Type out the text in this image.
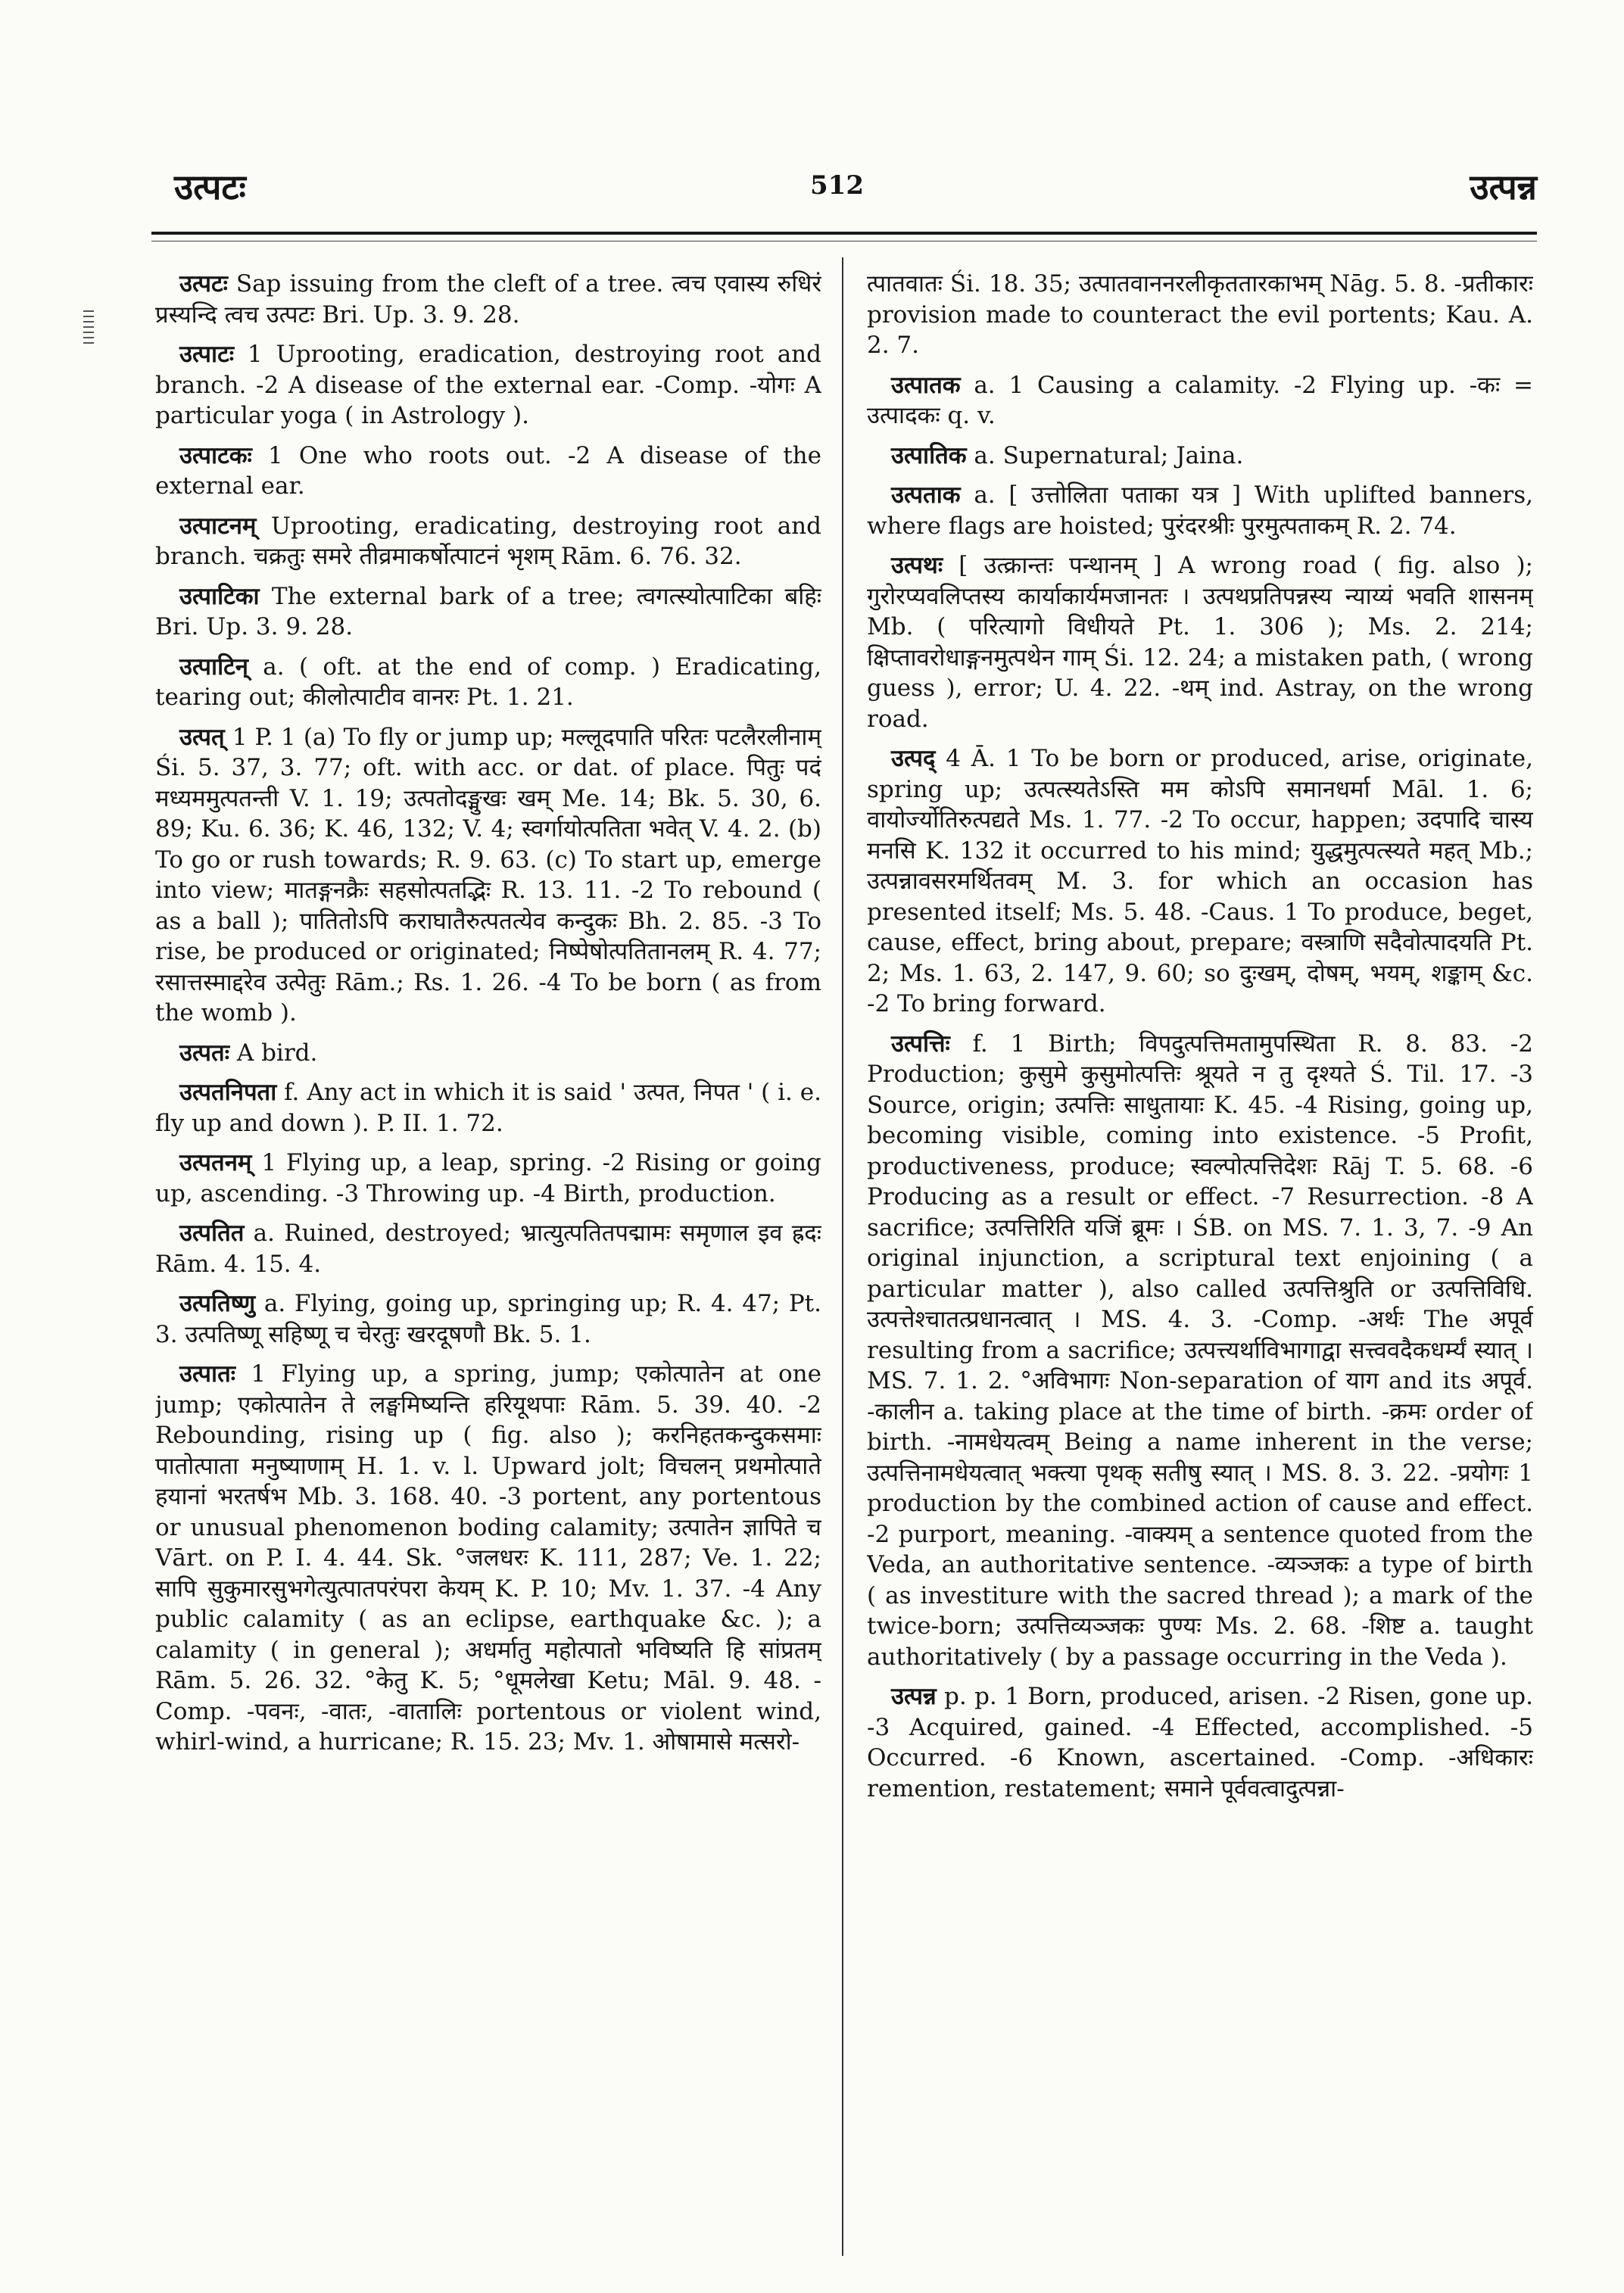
उत्पटः	512	उत्पन्न

उत्पटः Sap issuing from the cleft of a tree. त्वच एवास्य रुधिरं प्रस्यन्दि त्वच उत्पटः Bri. Up. 3. 9. 28.

उत्पाटः 1 Uprooting, eradication, destroying root and branch. -2 A disease of the external ear. -Comp. -योगः A particular yoga ( in Astrology ).

उत्पाटकः 1 One who roots out. -2 A disease of the external ear.

उत्पाटनम् Uprooting, eradicating, destroying root and branch. चक्रतुः समरे तीव्रमाकर्षोत्पाटनं भृशम् Rām. 6. 76. 32.

उत्पाटिका The external bark of a tree; त्वगत्स्योत्पाटिका बहिः Bri. Up. 3. 9. 28.

उत्पाटिन् a. ( oft. at the end of comp. ) Eradicating, tearing out; कीलोत्पाटीव वानरः Pt. 1. 21.

उत्पत् 1 P. 1 (a) To fly or jump up; मल्लूदपाति परितः पटलैरलीनाम् Śi. 5. 37, 3. 77; oft. with acc. or dat. of place. पितुः पदं मध्यममुत्पतन्ती V. 1. 19; उत्पतोदङ्मुखः खम् Me. 14; Bk. 5. 30, 6. 89; Ku. 6. 36; K. 46, 132; V. 4; स्वर्गायोत्पतिता भवेत् V. 4. 2. (b) To go or rush towards; R. 9. 63. (c) To start up, emerge into view; मातङ्गनक्रैः सहसोत्पतद्भिः R. 13. 11. -2 To rebound ( as a ball ); पातितोऽपि कराघातैरुत्पतत्येव कन्दुकः Bh. 2. 85. -3 To rise, be produced or originated; निष्पेषोत्पतितानलम् R. 4. 77; रसात्तस्माद्दरेव उत्पेतुः Rām.; Rs. 1. 26. -4 To be born ( as from the womb ).

उत्पतः A bird.

उत्पतनिपता f. Any act in which it is said ' उत्पत, निपत ' ( i. e. fly up and down ). P. II. 1. 72.

उत्पतनम् 1 Flying up, a leap, spring. -2 Rising or going up, ascending. -3 Throwing up. -4 Birth, production.

उत्पतित a. Ruined, destroyed; भ्रात्युत्पतितपद्मामः समृणाल इव ह्रदः Rām. 4. 15. 4.

उत्पतिष्णु a. Flying, going up, springing up; R. 4. 47; Pt. 3. उत्पतिष्णू सहिष्णू च चेरतुः खरदूषणौ Bk. 5. 1.

उत्पातः 1 Flying up, a spring, jump; एकोत्पातेन at one jump; एकोत्पातेन ते लङ्घमिष्यन्ति हरियूथपाः Rām. 5. 39. 40. -2 Rebounding, rising up ( fig. also ); करनिहतकन्दुकसमाः पातोत्पाता मनुष्याणाम् H. 1. v. l. Upward jolt; विचलन् प्रथमोत्पाते हयानां भरतर्षभ Mb. 3. 168. 40. -3 portent, any portentous or unusual phenomenon boding calamity; उत्पातेन ज्ञापिते च Vārt. on P. I. 4. 44. Sk. °जलधरः K. 111, 287; Ve. 1. 22; सापि सुकुमारसुभगेत्युत्पातपरंपरा केयम् K. P. 10; Mv. 1. 37. -4 Any public calamity ( as an eclipse, earthquake &c. ); a calamity ( in general ); अधर्मातु महोत्पातो भविष्यति हि सांप्रतम् Rām. 5. 26. 32. °केतु K. 5; °धूमलेखा Ketu; Māl. 9. 48. -Comp. -पवनः, -वातः, -वातालिः portentous or violent wind, whirl-wind, a hurricane; R. 15. 23; Mv. 1. ओषामासे मत्सरो-

त्पातवातः Śi. 18. 35; उत्पातवाननरलीकृततारकाभम् Nāg. 5. 8. -प्रतीकारः provision made to counteract the evil portents; Kau. A. 2. 7.

उत्पातक a. 1 Causing a calamity. -2 Flying up. -कः = उत्पादकः q. v.

उत्पातिक a. Supernatural; Jaina.

उत्पताक a. [ उत्तोलिता पताका यत्र ] With uplifted banners, where flags are hoisted; पुरंदरश्रीः पुरमुत्पताकम् R. 2. 74.

उत्पथः [ उत्क्रान्तः पन्थानम् ] A wrong road ( fig. also ); गुरोरप्यवलिप्तस्य कार्याकार्यमजानतः । उत्पथप्रतिपन्नस्य न्याय्यं भवति शासनम् Mb. ( परित्यागो विधीयते Pt. 1. 306 ); Ms. 2. 214; क्षिप्तावरोधाङ्गनमुत्पथेन गाम् Śi. 12. 24; a mistaken path, ( wrong guess ), error; U. 4. 22. -थम् ind. Astray, on the wrong road.

उत्पद् 4 Ā. 1 To be born or produced, arise, originate, spring up; उत्पत्स्यतेऽस्ति मम कोऽपि समानधर्मा Māl. 1. 6; वायोर्ज्योतिरुत्पद्यते Ms. 1. 77. -2 To occur, happen; उदपादि चास्य मनसि K. 132 it occurred to his mind; युद्धमुत्पत्स्यते महत् Mb.; उत्पन्नावसरमर्थितवम् M. 3. for which an occasion has presented itself; Ms. 5. 48. -Caus. 1 To produce, beget, cause, effect, bring about, prepare; वस्त्राणि सदैवोत्पादयति Pt. 2; Ms. 1. 63, 2. 147, 9. 60; so दुःखम्, दोषम्, भयम्, शङ्काम् &c. -2 To bring forward.

उत्पत्तिः f. 1 Birth; विपदुत्पत्तिमतामुपस्थिता R. 8. 83. -2 Production; कुसुमे कुसुमोत्पत्तिः श्रूयते न तु दृश्यते Ś. Til. 17. -3 Source, origin; उत्पत्तिः साधुतायाः K. 45. -4 Rising, going up, becoming visible, coming into existence. -5 Profit, productiveness, produce; स्वल्पोत्पत्तिदेशः Rāj T. 5. 68. -6 Producing as a result or effect. -7 Resurrection. -8 A sacrifice; उत्पत्तिरिति यजिं ब्रूमः । ŚB. on MS. 7. 1. 3, 7. -9 An original injunction, a scriptural text enjoining ( a particular matter ), also called उत्पत्तिश्रुति or उत्पत्तिविधि. उत्पत्तेश्चातत्प्रधानत्वात् । MS. 4. 3. -Comp. -अर्थः The अपूर्व resulting from a sacrifice; उत्पत्त्यर्थाविभागाद्वा सत्त्ववदैकधर्म्यं स्यात् । MS. 7. 1. 2. °अविभागः Non-separation of याग and its अपूर्व. -कालीन a. taking place at the time of birth. -क्रमः order of birth. -नामधेयत्वम् Being a name inherent in the verse; उत्पत्तिनामधेयत्वात् भक्त्या पृथक् सतीषु स्यात् । MS. 8. 3. 22. -प्रयोगः 1 production by the combined action of cause and effect. -2 purport, meaning. -वाक्यम् a sentence quoted from the Veda, an authoritative sentence. -व्यञ्जकः a type of birth ( as investiture with the sacred thread ); a mark of the twice-born; उत्पत्तिव्यञ्जकः पुण्यः Ms. 2. 68. -शिष्ट a. taught authoritatively ( by a passage occurring in the Veda ).

उत्पन्न p. p. 1 Born, produced, arisen. -2 Risen, gone up. -3 Acquired, gained. -4 Effected, accomplished. -5 Occurred. -6 Known, ascertained. -Comp. -अधिकारः remention, restatement; समाने पूर्ववत्वादुत्पन्ना-
